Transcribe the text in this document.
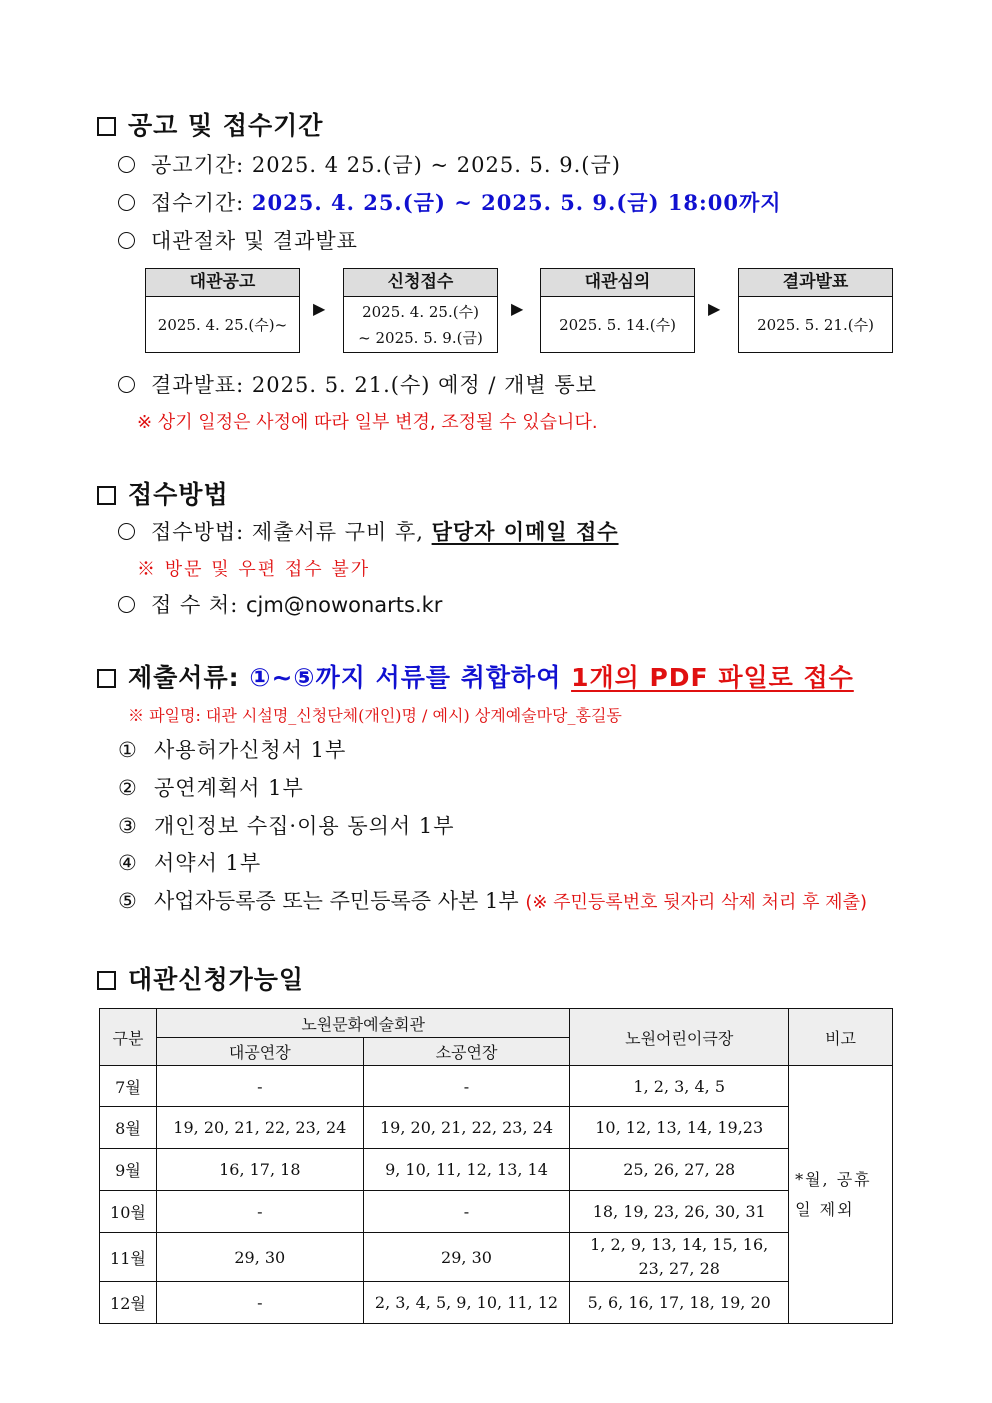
공고 및 접수기간
공고기간: 2025. 4 25.(금) ~ 2025. 5. 9.(금)
접수기간: 2025. 4. 25.(금) ~ 2025. 5. 9.(금) 18:00까지
대관절차 및 결과발표
대관공고
2025. 4. 25.(수)~
▶
신청접수
2025. 4. 25.(수)
~ 2025. 5. 9.(금)
▶
대관심의
2025. 5. 14.(수)
▶
결과발표
2025. 5. 21.(수)
결과발표: 2025. 5. 21.(수) 예정 / 개별 통보
※ 상기 일정은 사정에 따라 일부 변경, 조정될 수 있습니다.
접수방법
접수방법: 제출서류 구비 후, 담당자 이메일 접수
※ 방문 및 우편 접수 불가
접 수 처: cjm@nowonarts.kr
제출서류: ①~⑤까지 서류를 취합하여 1개의 PDF 파일로 접수
※ 파일명: 대관 시설명_신청단체(개인)명 / 예시) 상계예술마당_홍길동
① 사용허가신청서 1부
② 공연계획서 1부
③ 개인정보 수집·이용 동의서 1부
④ 서약서 1부
⑤ 사업자등록증 또는 주민등록증 사본 1부 (※ 주민등록번호 뒷자리 삭제 처리 후 제출)
대관신청가능일
구분	노원문화예술회관		노원어린이극장	비고
	대공연장	소공연장		
7월	-	-	1, 2, 3, 4, 5	*월, 공휴일 제외
8월	19, 20, 21, 22, 23, 24	19, 20, 21, 22, 23, 24	10, 12, 13, 14, 19,23	
9월	16, 17, 18	9, 10, 11, 12, 13, 14	25, 26, 27, 28	
10월	-	-	18, 19, 23, 26, 30, 31	
11월	29, 30	29, 30	1, 2, 9, 13, 14, 15, 16, 23, 27, 28	
12월	-	2, 3, 4, 5, 9, 10, 11, 12	5, 6, 16, 17, 18, 19, 20	
